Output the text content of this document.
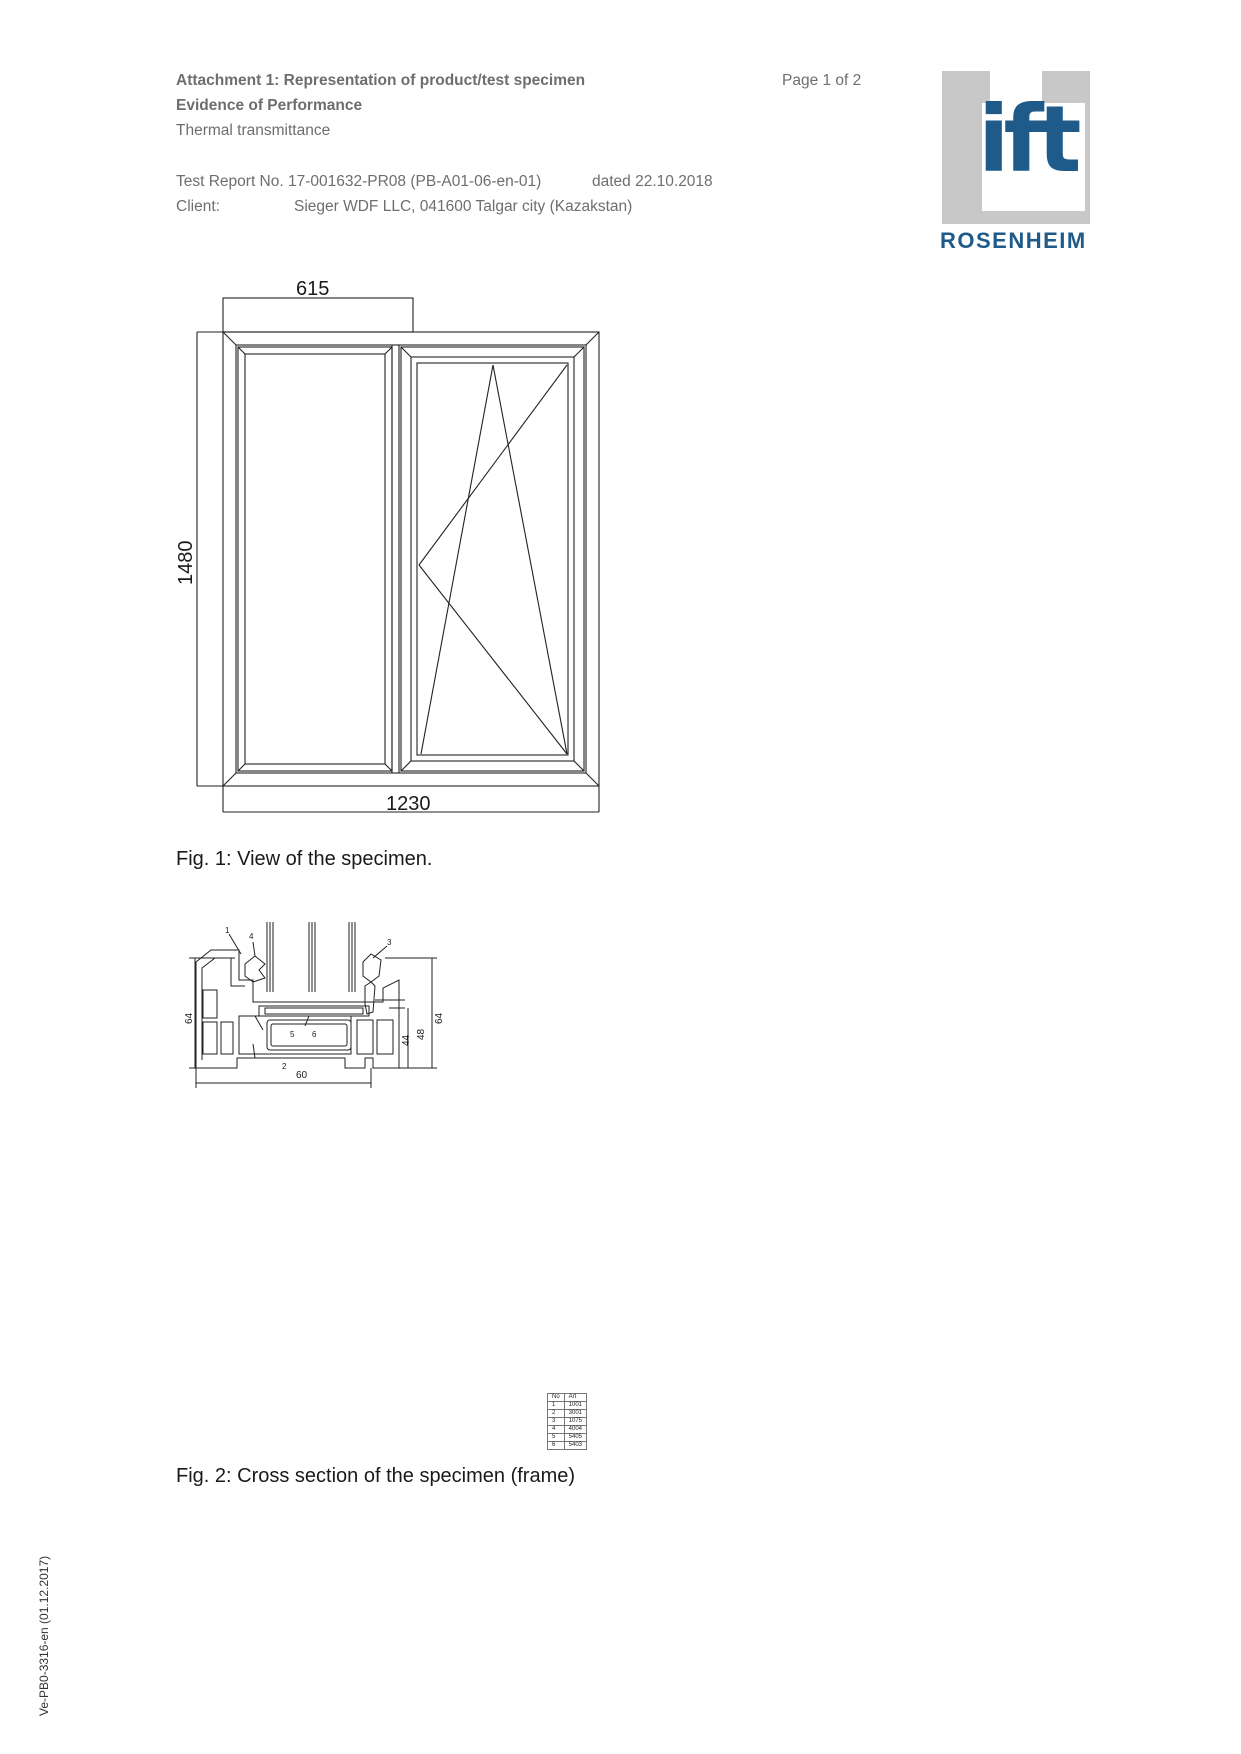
Attachment 1: Representation of product/test specimen
Evidence of Performance
Thermal transmittance
Page 1 of 2
Test Report No. 17-001632-PR08 (PB-A01-06-en-01)	dated 22.10.2018
Client:	Sieger WDF LLC, 041600 Talgar city (Kazakstan)
ift
ROSENHEIM
615
1480
1230
Fig. 1: View of the specimen.
1
4
3
5 6
2
64
60
44
48
64
No	Art
1	1001
2	3001
3	1075
4	4004
5	5405
6	5403
Fig. 2: Cross section of the specimen (frame)
Ve-PB0-3316-en (01.12.2017)
